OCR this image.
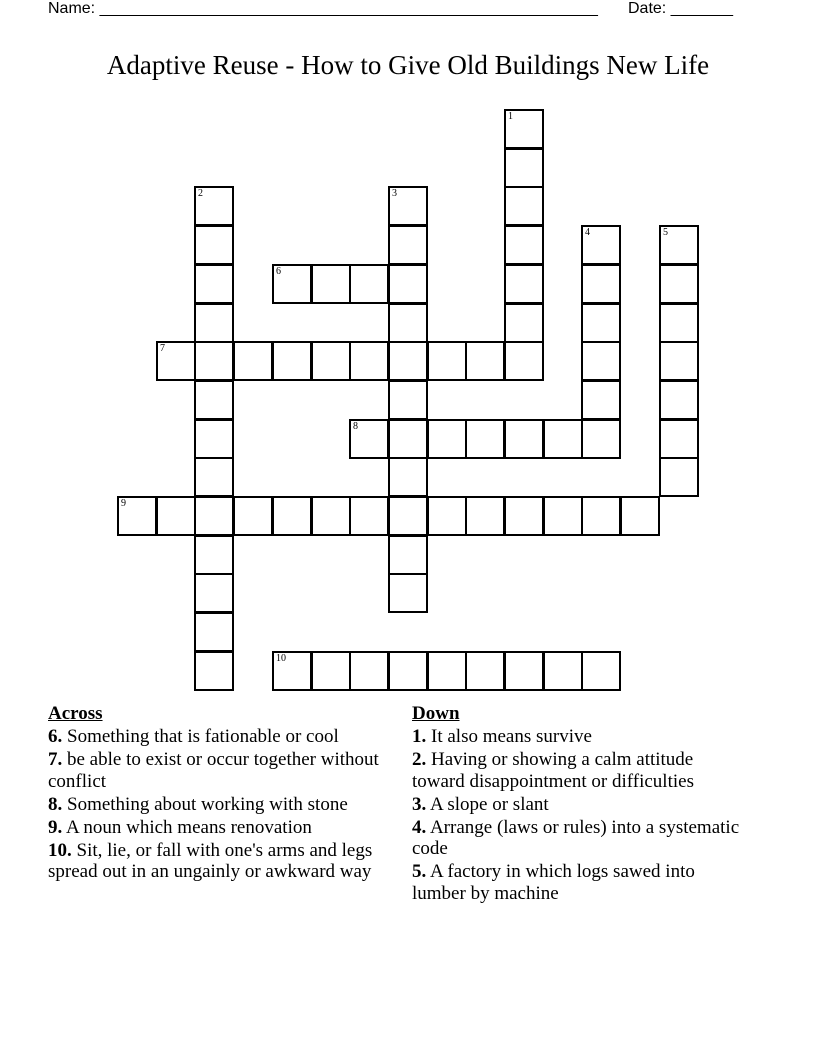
Name: ________________________________________________________ Date: _______
Adaptive Reuse - How to Give Old Buildings New Life
1
2	3
4	5
6
7
8
9
10
Across
6. Something that is fationable or cool
7. be able to exist or occur together without conflict
8. Something about working with stone
9. A noun which means renovation
10. Sit, lie, or fall with one's arms and legs spread out in an ungainly or awkward way
Down
1. It also means survive
2. Having or showing a calm attitude toward disappointment or difficulties
3. A slope or slant
4. Arrange (laws or rules) into a systematic code
5. A factory in which logs sawed into lumber by machine
